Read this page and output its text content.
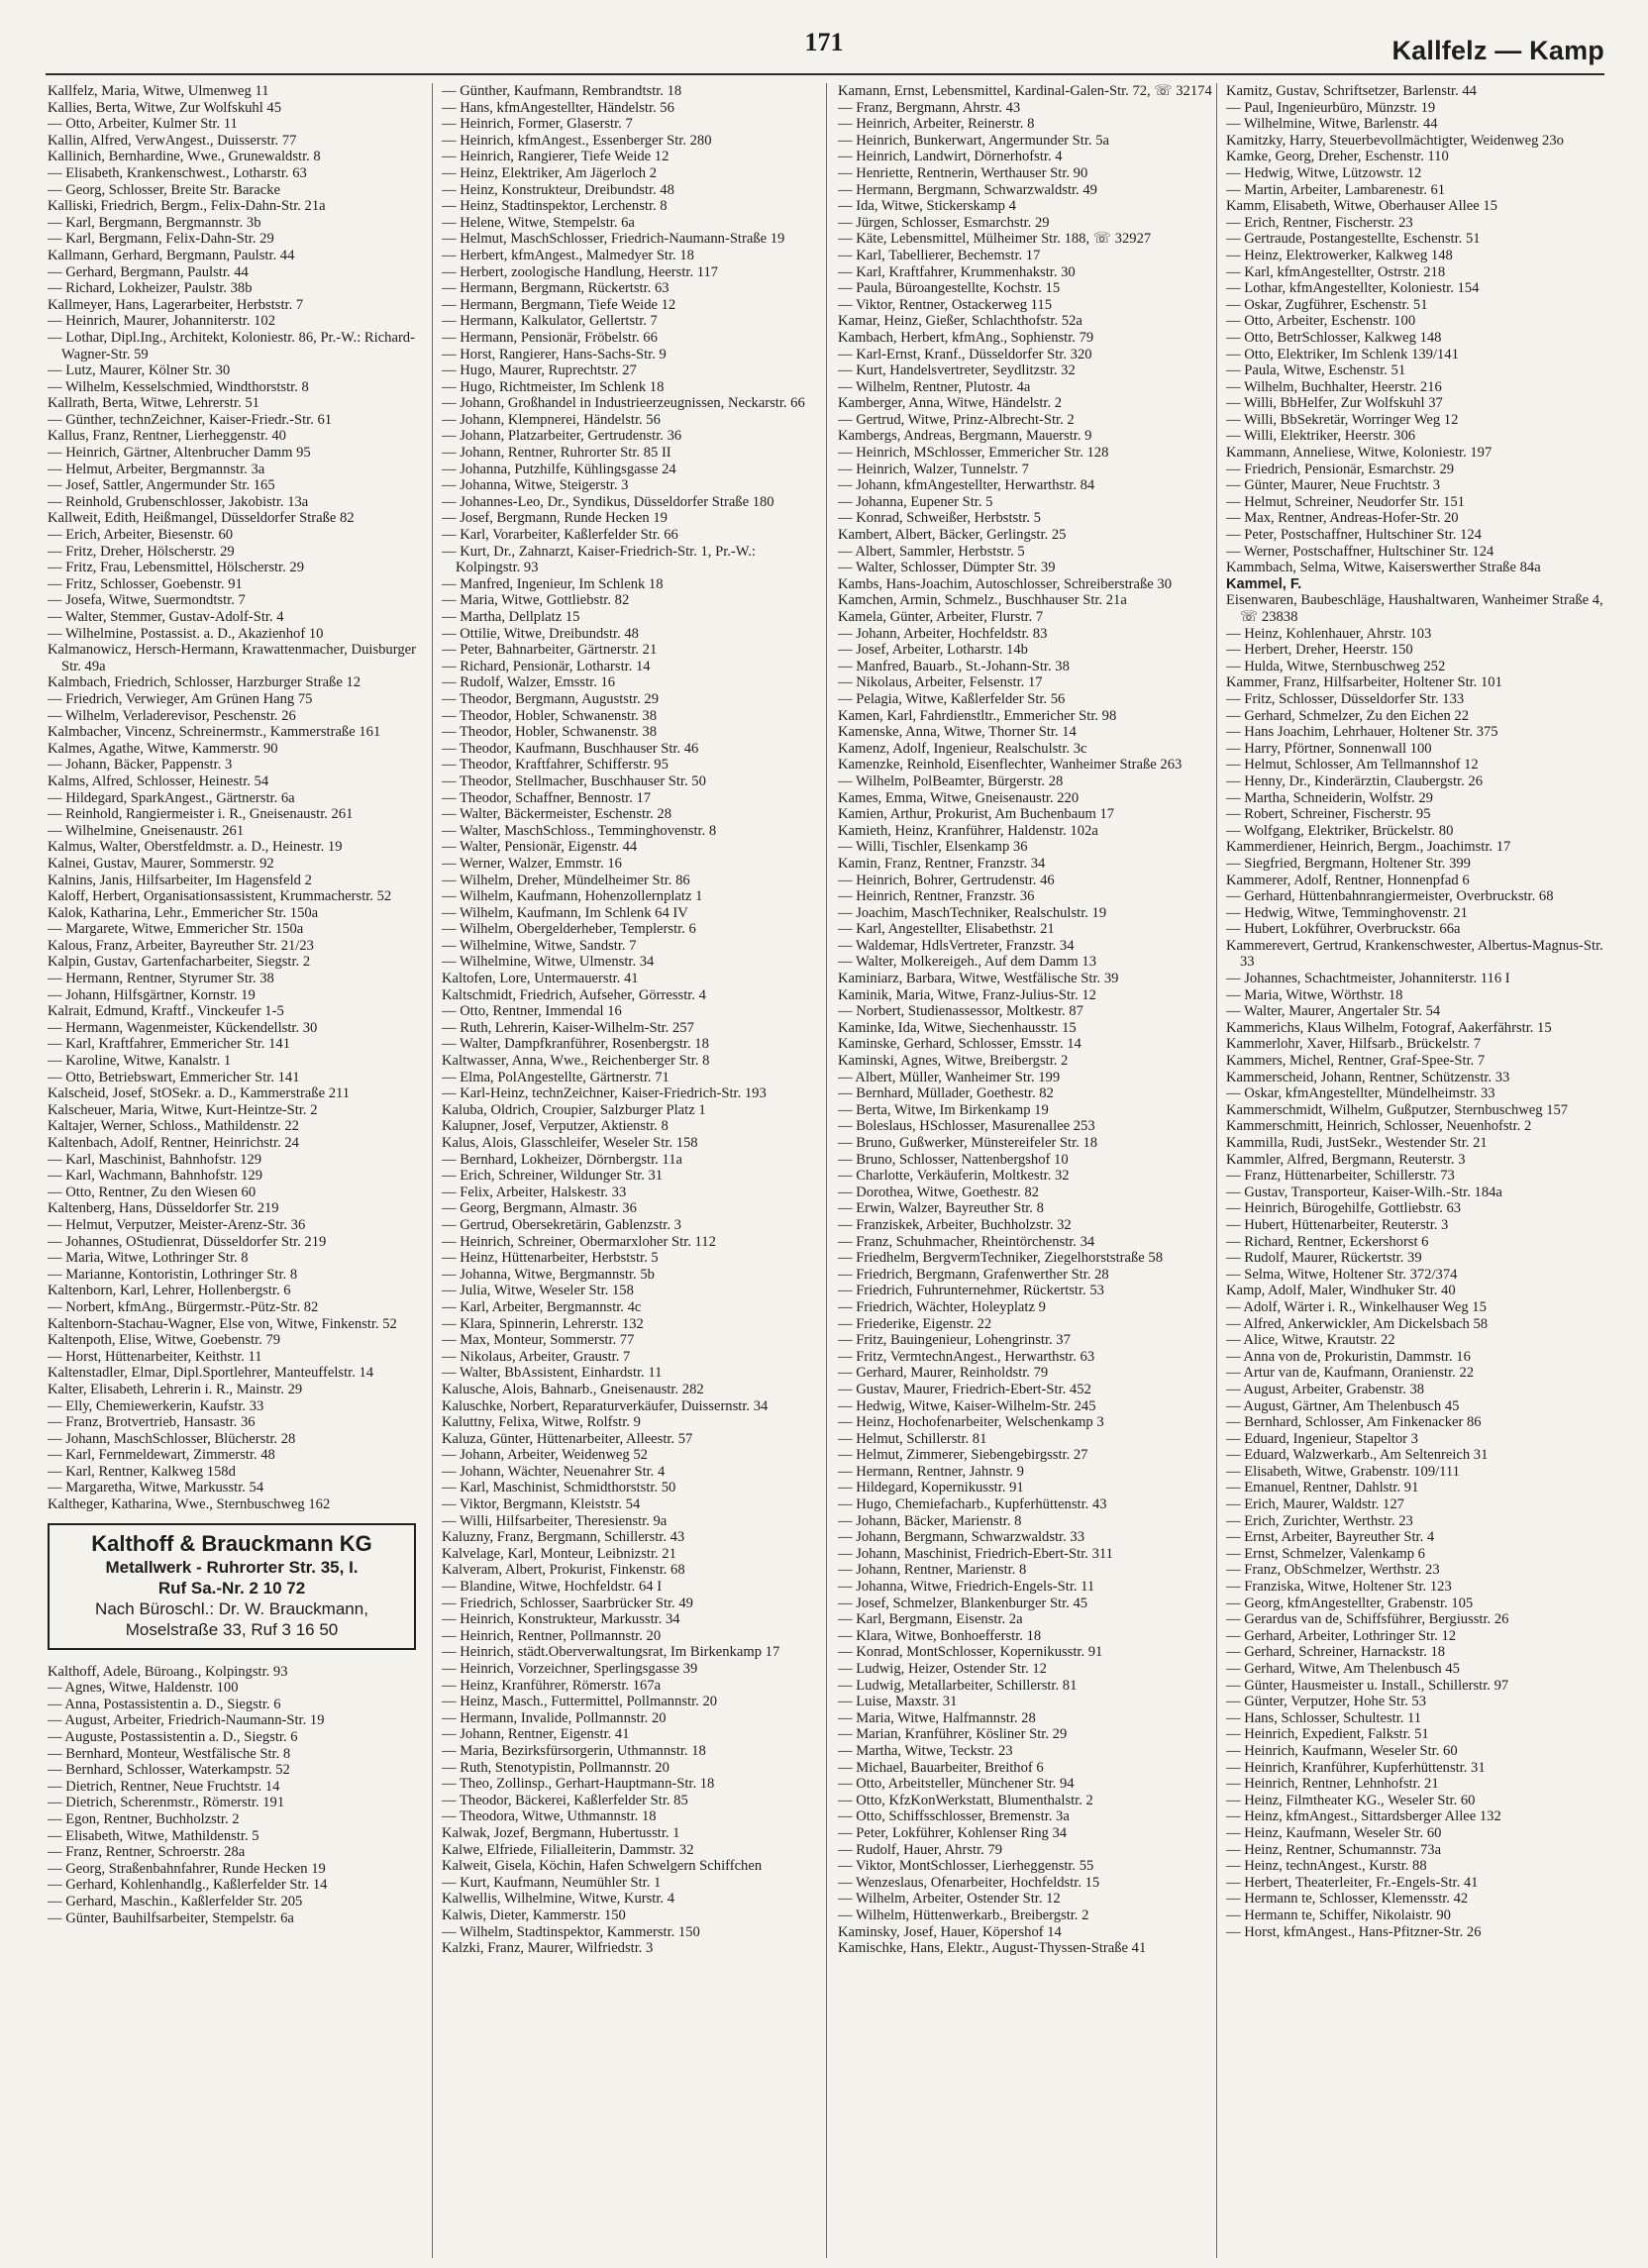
171	Kallfelz — Kamp
Kallfelz, Maria, Witwe, Ulmenweg 11
Kallies, Berta, Witwe, Zur Wolfskuhl 45
— Otto, Arbeiter, Kulmer Str. 11
Kallin, Alfred, VerwAngest., Duisserstr. 77
Kallinich, Bernhardine, Wwe., Grunewaldstr. 8
— Elisabeth, Krankenschwest., Lotharstr. 63
— Georg, Schlosser, Breite Str. Baracke
Kalliski, Friedrich, Bergm., Felix-Dahn-Str. 21a
— Karl, Bergmann, Bergmannstr. 3b
— Karl, Bergmann, Felix-Dahn-Str. 29
Kallmann, Gerhard, Bergmann, Paulstr. 44
— Gerhard, Bergmann, Paulstr. 44
— Richard, Lokheizer, Paulstr. 38b
Kallmeyer, Hans, Lagerarbeiter, Herbststr. 7
— Heinrich, Maurer, Johanniterstr. 102
— Lothar, Dipl.Ing., Architekt, Koloniestr. 86, Pr.-W.: Richard-Wagner-Str. 59
— Lutz, Maurer, Kölner Str. 30
— Wilhelm, Kesselschmied, Windthorststr. 8
Kallrath, Berta, Witwe, Lehrerstr. 51
— Günther, technZeichner, Kaiser-Friedr.-Str. 61
Kallus, Franz, Rentner, Lierheggenstr. 40
— Heinrich, Gärtner, Altenbrucher Damm 95
— Helmut, Arbeiter, Bergmannstr. 3a
— Josef, Sattler, Angermunder Str. 165
— Reinhold, Grubenschlosser, Jakobistr. 13a
Kallweit, Edith, Heißmangel, Düsseldorfer Straße 82
— Erich, Arbeiter, Biesenstr. 60
— Fritz, Dreher, Hölscherstr. 29
— Fritz, Frau, Lebensmittel, Hölscherstr. 29
— Fritz, Schlosser, Goebenstr. 91
— Josefa, Witwe, Suermondtstr. 7
— Walter, Stemmer, Gustav-Adolf-Str. 4
— Wilhelmine, Postassist. a. D., Akazienhof 10
Kalmanowicz, Hersch-Hermann, Krawattenmacher, Duisburger Str. 49a
Kalmbach, Friedrich, Schlosser, Harzburger Straße 12
— Friedrich, Verwieger, Am Grünen Hang 75
— Wilhelm, Verladerevisor, Peschenstr. 26
Kalmbacher, Vincenz, Schreinermstr., Kammerstraße 161
Kalmes, Agathe, Witwe, Kammerstr. 90
— Johann, Bäcker, Pappenstr. 3
Kalms, Alfred, Schlosser, Heinestr. 54
— Hildegard, SparkAngest., Gärtnerstr. 6a
— Reinhold, Rangiermeister i. R., Gneisenaustr. 261
— Wilhelmine, Gneisenaustr. 261
Kalmus, Walter, Oberstfeldmstr. a. D., Heinestr. 19
Kalnei, Gustav, Maurer, Sommerstr. 92
Kalnins, Janis, Hilfsarbeiter, Im Hagensfeld 2
Kaloff, Herbert, Organisationsassistent, Krummacherstr. 52
Kalok, Katharina, Lehr., Emmericher Str. 150a
— Margarete, Witwe, Emmericher Str. 150a
Kalous, Franz, Arbeiter, Bayreuther Str. 21/23
Kalpin, Gustav, Gartenfacharbeiter, Siegstr. 2
— Hermann, Rentner, Styrumer Str. 38
— Johann, Hilfsgärtner, Kornstr. 19
Kalrait, Edmund, Kraftf., Vinckeufer 1-5
— Hermann, Wagenmeister, Kückendellstr. 30
— Karl, Kraftfahrer, Emmericher Str. 141
— Karoline, Witwe, Kanalstr. 1
— Otto, Betriebswart, Emmericher Str. 141
Kalscheid, Josef, StOSekr. a. D., Kammerstraße 211
Kalscheuer, Maria, Witwe, Kurt-Heintze-Str. 2
Kaltajer, Werner, Schloss., Mathildenstr. 22
Kaltenbach, Adolf, Rentner, Heinrichstr. 24
— Karl, Maschinist, Bahnhofstr. 129
— Karl, Wachmann, Bahnhofstr. 129
— Otto, Rentner, Zu den Wiesen 60
Kaltenberg, Hans, Düsseldorfer Str. 219
— Helmut, Verputzer, Meister-Arenz-Str. 36
— Johannes, OStudienrat, Düsseldorfer Str. 219
— Maria, Witwe, Lothringer Str. 8
— Marianne, Kontoristin, Lothringer Str. 8
Kaltenborn, Karl, Lehrer, Hollenbergstr. 6
— Norbert, kfmAng., Bürgermstr.-Pütz-Str. 82
Kaltenborn-Stachau-Wagner, Else von, Witwe, Finkenstr. 52
Kaltenpoth, Elise, Witwe, Goebenstr. 79
— Horst, Hüttenarbeiter, Keithstr. 11
Kaltenstadler, Elmar, Dipl.Sportlehrer, Manteuffelstr. 14
Kalter, Elisabeth, Lehrerin i. R., Mainstr. 29
— Elly, Chemiewerkerin, Kaufstr. 33
— Franz, Brotvertrieb, Hansastr. 36
— Johann, MaschSchlosser, Blücherstr. 28
— Karl, Fernmeldewart, Zimmerstr. 48
— Karl, Rentner, Kalkweg 158d
— Margaretha, Witwe, Markusstr. 54
Kaltheger, Katharina, Wwe., Sternbuschweg 162
Kalthoff & Brauckmann KG
Metallwerk - Ruhrorter Str. 35, I.
Ruf Sa.-Nr. 2 10 72
Nach Büroschl.: Dr. W. Brauckmann, Moselstraße 33, Ruf 3 16 50
Kalthoff, Adele, Büroang., Kolpingstr. 93
— Agnes, Witwe, Haldenstr. 100
— Anna, Postassistentin a. D., Siegstr. 6
— August, Arbeiter, Friedrich-Naumann-Str. 19
— Auguste, Postassistentin a. D., Siegstr. 6
— Bernhard, Monteur, Westfälische Str. 8
— Bernhard, Schlosser, Waterkampstr. 52
— Dietrich, Rentner, Neue Fruchtstr. 14
— Dietrich, Scherenmstr., Römerstr. 191
— Egon, Rentner, Buchholzstr. 2
— Elisabeth, Witwe, Mathildenstr. 5
— Franz, Rentner, Schroerstr. 28a
— Georg, Straßenbahnfahrer, Runde Hecken 19
— Gerhard, Kohlenhandlg., Kaßlerfelder Str. 14
— Gerhard, Maschin., Kaßlerfelder Str. 205
— Günter, Bauhilfsarbeiter, Stempelstr. 6a
— Günther, Kaufmann, Rembrandtstr. 18
— Hans, kfmAngestellter, Händelstr. 56
— Heinrich, Former, Glaserstr. 7
— Heinrich, kfmAngest., Essenberger Str. 280
— Heinrich, Rangierer, Tiefe Weide 12
— Heinz, Elektriker, Am Jägerloch 2
— Heinz, Konstrukteur, Dreibundstr. 48
— Heinz, Stadtinspektor, Lerchenstr. 8
— Helene, Witwe, Stempelstr. 6a
— Helmut, MaschSchlosser, Friedrich-Naumann-Straße 19
— Herbert, kfmAngest., Malmedyer Str. 18
— Herbert, zoologische Handlung, Heerstr. 117
— Hermann, Bergmann, Rückertstr. 63
— Hermann, Bergmann, Tiefe Weide 12
— Hermann, Kalkulator, Gellertstr. 7
— Hermann, Pensionär, Fröbelstr. 66
— Horst, Rangierer, Hans-Sachs-Str. 9
— Hugo, Maurer, Ruprechtstr. 27
— Hugo, Richtmeister, Im Schlenk 18
— Johann, Großhandel in Industrieerzeugnissen, Neckarstr. 66
— Johann, Klempnerei, Händelstr. 56
— Johann, Platzarbeiter, Gertrudenstr. 36
— Johann, Rentner, Ruhrorter Str. 85 II
— Johanna, Putzhilfe, Kühlingsgasse 24
— Johanna, Witwe, Steigerstr. 3
— Johannes-Leo, Dr., Syndikus, Düsseldorfer Straße 180
— Josef, Bergmann, Runde Hecken 19
— Karl, Vorarbeiter, Kaßlerfelder Str. 66
— Kurt, Dr., Zahnarzt, Kaiser-Friedrich-Str. 1, Pr.-W.: Kolpingstr. 93
— Manfred, Ingenieur, Im Schlenk 18
— Maria, Witwe, Gottliebstr. 82
— Martha, Dellplatz 15
— Ottilie, Witwe, Dreibundstr. 48
— Peter, Bahnarbeiter, Gärtnerstr. 21
— Richard, Pensionär, Lotharstr. 14
— Rudolf, Walzer, Emsstr. 16
— Theodor, Bergmann, Auguststr. 29
— Theodor, Hobler, Schwanenstr. 38
— Theodor, Hobler, Schwanenstr. 38
— Theodor, Kaufmann, Buschhauser Str. 46
— Theodor, Kraftfahrer, Schifferstr. 95
— Theodor, Stellmacher, Buschhauser Str. 50
— Theodor, Schaffner, Bennostr. 17
— Walter, Bäckermeister, Eschenstr. 28
— Walter, MaschSchloss., Temminghovenstr. 8
— Walter, Pensionär, Eigenstr. 44
— Werner, Walzer, Emmstr. 16
— Wilhelm, Dreher, Mündelheimer Str. 86
— Wilhelm, Kaufmann, Hohenzollernplatz 1
— Wilhelm, Kaufmann, Im Schlenk 64 IV
— Wilhelm, Obergelderheber, Templerstr. 6
— Wilhelmine, Witwe, Sandstr. 7
— Wilhelmine, Witwe, Ulmenstr. 34
Kaltofen, Lore, Untermauerstr. 41
Kaltschmidt, Friedrich, Aufseher, Görresstr. 4
— Otto, Rentner, Immendal 16
— Ruth, Lehrerin, Kaiser-Wilhelm-Str. 257
— Walter, Dampfkranführer, Rosenbergstr. 18
Kaltwasser, Anna, Wwe., Reichenberger Str. 8
— Elma, PolAngestellte, Gärtnerstr. 71
— Karl-Heinz, technZeichner, Kaiser-Friedrich-Str. 193
Kaluba, Oldrich, Croupier, Salzburger Platz 1
Kalupner, Josef, Verputzer, Aktienstr. 8
Kalus, Alois, Glasschleifer, Weseler Str. 158
— Bernhard, Lokheizer, Dörnbergstr. 11a
— Erich, Schreiner, Wildunger Str. 31
— Felix, Arbeiter, Halskestr. 33
— Georg, Bergmann, Almastr. 36
— Gertrud, Obersekretärin, Gablenzstr. 3
— Heinrich, Schreiner, Obermarxloher Str. 112
— Heinz, Hüttenarbeiter, Herbststr. 5
— Johanna, Witwe, Bergmannstr. 5b
— Julia, Witwe, Weseler Str. 158
— Karl, Arbeiter, Bergmannstr. 4c
— Klara, Spinnerin, Lehrerstr. 132
— Max, Monteur, Sommerstr. 77
— Nikolaus, Arbeiter, Graustr. 7
— Walter, BbAssistent, Einhardstr. 11
Kalusche, Alois, Bahnarb., Gneisenaustr. 282
Kaluschke, Norbert, Reparaturverkäufer, Duissernstr. 34
Kaluttny, Felixa, Witwe, Rolfstr. 9
Kaluza, Günter, Hüttenarbeiter, Alleestr. 57
— Johann, Arbeiter, Weidenweg 52
— Johann, Wächter, Neuenahrer Str. 4
— Karl, Maschinist, Schmidthorststr. 50
— Viktor, Bergmann, Kleiststr. 54
— Willi, Hilfsarbeiter, Theresienstr. 9a
Kaluzny, Franz, Bergmann, Schillerstr. 43
Kalvelage, Karl, Monteur, Leibnizstr. 21
Kalveram, Albert, Prokurist, Finkenstr. 68
— Blandine, Witwe, Hochfeldstr. 64 I
— Friedrich, Schlosser, Saarbrücker Str. 49
— Heinrich, Konstrukteur, Markusstr. 34
— Heinrich, Rentner, Pollmannstr. 20
— Heinrich, städt.Oberverwaltungsrat, Im Birkenkamp 17
— Heinrich, Vorzeichner, Sperlingsgasse 39
— Heinz, Kranführer, Römerstr. 167a
— Heinz, Masch., Futtermittel, Pollmannstr. 20
— Hermann, Invalide, Pollmannstr. 20
— Johann, Rentner, Eigenstr. 41
— Maria, Bezirksfürsorgerin, Uthmannstr. 18
— Ruth, Stenotypistin, Pollmannstr. 20
— Theo, Zollinsp., Gerhart-Hauptmann-Str. 18
— Theodor, Bäckerei, Kaßlerfelder Str. 85
— Theodora, Witwe, Uthmannstr. 18
Kalwak, Jozef, Bergmann, Hubertusstr. 1
Kalwe, Elfriede, Filialleiterin, Dammstr. 32
Kalweit, Gisela, Köchin, Hafen Schwelgern Schiffchen
— Kurt, Kaufmann, Neumühler Str. 1
Kalwellis, Wilhelmine, Witwe, Kurstr. 4
Kalwis, Dieter, Kammerstr. 150
— Wilhelm, Stadtinspektor, Kammerstr. 150
Kalzki, Franz, Maurer, Wilfriedstr. 3
Kamann, Ernst, Lebensmittel, Kardinal-Galen-Str. 72, ☏ 32174
— Franz, Bergmann, Ahrstr. 43
— Heinrich, Arbeiter, Reinerstr. 8
— Heinrich, Bunkerwart, Angermunder Str. 5a
— Heinrich, Landwirt, Dörnerhofstr. 4
— Henriette, Rentnerin, Werthauser Str. 90
— Hermann, Bergmann, Schwarzwaldstr. 49
— Ida, Witwe, Stickerskamp 4
— Jürgen, Schlosser, Esmarchstr. 29
— Käte, Lebensmittel, Mülheimer Str. 188, ☏ 32927
— Karl, Tabellierer, Bechemstr. 17
— Karl, Kraftfahrer, Krummenhakstr. 30
— Paula, Büroangestellte, Kochstr. 15
— Viktor, Rentner, Ostackerweg 115
Kamar, Heinz, Gießer, Schlachthofstr. 52a
Kambach, Herbert, kfmAng., Sophienstr. 79
— Karl-Ernst, Kranf., Düsseldorfer Str. 320
— Kurt, Handelsvertreter, Seydlitzstr. 32
— Wilhelm, Rentner, Plutostr. 4a
Kamberger, Anna, Witwe, Händelstr. 2
— Gertrud, Witwe, Prinz-Albrecht-Str. 2
Kambergs, Andreas, Bergmann, Mauerstr. 9
— Heinrich, MSchlosser, Emmericher Str. 128
— Heinrich, Walzer, Tunnelstr. 7
— Johann, kfmAngestellter, Herwarthstr. 84
— Johanna, Eupener Str. 5
— Konrad, Schweißer, Herbststr. 5
Kambert, Albert, Bäcker, Gerlingstr. 25
— Albert, Sammler, Herbststr. 5
— Walter, Schlosser, Dümpter Str. 39
Kambs, Hans-Joachim, Autoschlosser, Schreiberstraße 30
Kamchen, Armin, Schmelz., Buschhauser Str. 21a
Kamela, Günter, Arbeiter, Flurstr. 7
— Johann, Arbeiter, Hochfeldstr. 83
— Josef, Arbeiter, Lotharstr. 14b
— Manfred, Bauarb., St.-Johann-Str. 38
— Nikolaus, Arbeiter, Felsenstr. 17
— Pelagia, Witwe, Kaßlerfelder Str. 56
Kamen, Karl, Fahrdienstltr., Emmericher Str. 98
Kamenske, Anna, Witwe, Thorner Str. 14
Kamenz, Adolf, Ingenieur, Realschulstr. 3c
Kamenzke, Reinhold, Eisenflechter, Wanheimer Straße 263
— Wilhelm, PolBeamter, Bürgerstr. 28
Kames, Emma, Witwe, Gneisenaustr. 220
Kamien, Arthur, Prokurist, Am Buchenbaum 17
Kamieth, Heinz, Kranführer, Haldenstr. 102a
— Willi, Tischler, Elsenkamp 36
Kamin, Franz, Rentner, Franzstr. 34
— Heinrich, Bohrer, Gertrudenstr. 46
— Heinrich, Rentner, Franzstr. 36
— Joachim, MaschTechniker, Realschulstr. 19
— Karl, Angestellter, Elisabethstr. 21
— Waldemar, HdlsVertreter, Franzstr. 34
— Walter, Molkereigeh., Auf dem Damm 13
Kaminiarz, Barbara, Witwe, Westfälische Str. 39
Kaminik, Maria, Witwe, Franz-Julius-Str. 12
— Norbert, Studienassessor, Moltkestr. 87
Kaminke, Ida, Witwe, Siechenhausstr. 15
Kaminske, Gerhard, Schlosser, Emsstr. 14
Kaminski, Agnes, Witwe, Breibergstr. 2
— Albert, Müller, Wanheimer Str. 199
— Bernhard, Müllader, Goethestr. 82
— Berta, Witwe, Im Birkenkamp 19
— Boleslaus, HSchlosser, Masurenallee 253
— Bruno, Gußwerker, Münstereifeler Str. 18
— Bruno, Schlosser, Nattenbergshof 10
— Charlotte, Verkäuferin, Moltkestr. 32
— Dorothea, Witwe, Goethestr. 82
— Erwin, Walzer, Bayreuther Str. 8
— Franziskek, Arbeiter, Buchholzstr. 32
— Franz, Schuhmacher, Rheintörchenstr. 34
— Friedhelm, BergvermTechniker, Ziegelhorststraße 58
— Friedrich, Bergmann, Grafenwerther Str. 28
— Friedrich, Fuhrunternehmer, Rückertstr. 53
— Friedrich, Wächter, Holeyplatz 9
— Friederike, Eigenstr. 22
— Fritz, Bauingenieur, Lohengrinstr. 37
— Fritz, VermtechnAngest., Herwarthstr. 63
— Gerhard, Maurer, Reinholdstr. 79
— Gustav, Maurer, Friedrich-Ebert-Str. 452
— Hedwig, Witwe, Kaiser-Wilhelm-Str. 245
— Heinz, Hochofenarbeiter, Welschenkamp 3
— Helmut, Schillerstr. 81
— Helmut, Zimmerer, Siebengebirgsstr. 27
— Hermann, Rentner, Jahnstr. 9
— Hildegard, Kopernikusstr. 91
— Hugo, Chemiefacharb., Kupferhüttenstr. 43
— Johann, Bäcker, Marienstr. 8
— Johann, Bergmann, Schwarzwaldstr. 33
— Johann, Maschinist, Friedrich-Ebert-Str. 311
— Johann, Rentner, Marienstr. 8
— Johanna, Witwe, Friedrich-Engels-Str. 11
— Josef, Schmelzer, Blankenburger Str. 45
— Karl, Bergmann, Eisenstr. 2a
— Klara, Witwe, Bonhoefferstr. 18
— Konrad, MontSchlosser, Kopernikusstr. 91
— Ludwig, Heizer, Ostender Str. 12
— Ludwig, Metallarbeiter, Schillerstr. 81
— Luise, Maxstr. 31
— Maria, Witwe, Halfmannstr. 28
— Marian, Kranführer, Kösliner Str. 29
— Martha, Witwe, Teckstr. 23
— Michael, Bauarbeiter, Breithof 6
— Otto, Arbeitsteller, Münchener Str. 94
— Otto, KfzKonWerkstatt, Blumenthalstr. 2
— Otto, Schiffsschlosser, Bremenstr. 3a
— Peter, Lokführer, Kohlenser Ring 34
— Rudolf, Hauer, Ahrstr. 79
— Viktor, MontSchlosser, Lierheggenstr. 55
— Wenzeslaus, Ofenarbeiter, Hochfeldstr. 15
— Wilhelm, Arbeiter, Ostender Str. 12
— Wilhelm, Hüttenwerkarb., Breibergstr. 2
Kaminsky, Josef, Hauer, Köpershof 14
Kamischke, Hans, Elektr., August-Thyssen-Straße 41
Kamitz, Gustav, Schriftsetzer, Barlenstr. 44
— Paul, Ingenieurbüro, Münzstr. 19
— Wilhelmine, Witwe, Barlenstr. 44
Kamitzky, Harry, Steuerbevollmächtigter, Weidenweg 23o
Kamke, Georg, Dreher, Eschenstr. 110
— Hedwig, Witwe, Lützowstr. 12
— Martin, Arbeiter, Lambarenestr. 61
Kamm, Elisabeth, Witwe, Oberhauser Allee 15
— Erich, Rentner, Fischerstr. 23
— Gertraude, Postangestellte, Eschenstr. 51
— Heinz, Elektrowerker, Kalkweg 148
— Karl, kfmAngestellter, Ostrstr. 218
— Lothar, kfmAngestellter, Koloniestr. 154
— Oskar, Zugführer, Eschenstr. 51
— Otto, Arbeiter, Eschenstr. 100
— Otto, BetrSchlosser, Kalkweg 148
— Otto, Elektriker, Im Schlenk 139/141
— Paula, Witwe, Eschenstr. 51
— Wilhelm, Buchhalter, Heerstr. 216
— Willi, BbHelfer, Zur Wolfskuhl 37
— Willi, BbSekretär, Worringer Weg 12
— Willi, Elektriker, Heerstr. 306
Kammann, Anneliese, Witwe, Koloniestr. 197
— Friedrich, Pensionär, Esmarchstr. 29
— Günter, Maurer, Neue Fruchtstr. 3
— Helmut, Schreiner, Neudorfer Str. 151
— Max, Rentner, Andreas-Hofer-Str. 20
— Peter, Postschaffner, Hultschiner Str. 124
— Werner, Postschaffner, Hultschiner Str. 124
Kammbach, Selma, Witwe, Kaiserswerther Straße 84a
Kammel, F.
Eisenwaren, Baubeschläge, Haushaltwaren, Wanheimer Straße 4, ☏ 23838
— Heinz, Kohlenhauer, Ahrstr. 103
— Herbert, Dreher, Heerstr. 150
— Hulda, Witwe, Sternbuschweg 252
Kammer, Franz, Hilfsarbeiter, Holtener Str. 101
— Fritz, Schlosser, Düsseldorfer Str. 133
— Gerhard, Schmelzer, Zu den Eichen 22
— Hans Joachim, Lehrhauer, Holtener Str. 375
— Harry, Pförtner, Sonnenwall 100
— Helmut, Schlosser, Am Tellmannshof 12
— Henny, Dr., Kinderärztin, Claubergstr. 26
— Martha, Schneiderin, Wolfstr. 29
— Robert, Schreiner, Fischerstr. 95
— Wolfgang, Elektriker, Brückelstr. 80
Kammerdiener, Heinrich, Bergm., Joachimstr. 17
— Siegfried, Bergmann, Holtener Str. 399
Kammerer, Adolf, Rentner, Honnenpfad 6
— Gerhard, Hüttenbahnrangiermeister, Overbruckstr. 68
— Hedwig, Witwe, Temminghovenstr. 21
— Hubert, Lokführer, Overbruckstr. 66a
Kammerevert, Gertrud, Krankenschwester, Albertus-Magnus-Str. 33
— Johannes, Schachtmeister, Johanniterstr. 116 I
— Maria, Witwe, Wörthstr. 18
— Walter, Maurer, Angertaler Str. 54
Kammerichs, Klaus Wilhelm, Fotograf, Aakerfährstr. 15
Kammerlohr, Xaver, Hilfsarb., Brückelstr. 7
Kammers, Michel, Rentner, Graf-Spee-Str. 7
Kammerscheid, Johann, Rentner, Schützenstr. 33
— Oskar, kfmAngestellter, Mündelheimstr. 33
Kammerschmidt, Wilhelm, Gußputzer, Sternbuschweg 157
Kammerschmitt, Heinrich, Schlosser, Neuenhofstr. 2
Kammilla, Rudi, JustSekr., Westender Str. 21
Kammler, Alfred, Bergmann, Reuterstr. 3
— Franz, Hüttenarbeiter, Schillerstr. 73
— Gustav, Transporteur, Kaiser-Wilh.-Str. 184a
— Heinrich, Bürogehilfe, Gottliebstr. 63
— Hubert, Hüttenarbeiter, Reuterstr. 3
— Richard, Rentner, Eckershorst 6
— Rudolf, Maurer, Rückertstr. 39
— Selma, Witwe, Holtener Str. 372/374
Kamp, Adolf, Maler, Windhuker Str. 40
— Adolf, Wärter i. R., Winkelhauser Weg 15
— Alfred, Ankerwickler, Am Dickelsbach 58
— Alice, Witwe, Krautstr. 22
— Anna von de, Prokuristin, Dammstr. 16
— Artur van de, Kaufmann, Oranienstr. 22
— August, Arbeiter, Grabenstr. 38
— August, Gärtner, Am Thelenbusch 45
— Bernhard, Schlosser, Am Finkenacker 86
— Eduard, Ingenieur, Stapeltor 3
— Eduard, Walzwerkarb., Am Seltenreich 31
— Elisabeth, Witwe, Grabenstr. 109/111
— Emanuel, Rentner, Dahlstr. 91
— Erich, Maurer, Waldstr. 127
— Erich, Zurichter, Werthstr. 23
— Ernst, Arbeiter, Bayreuther Str. 4
— Ernst, Schmelzer, Valenkamp 6
— Franz, ObSchmelzer, Werthstr. 23
— Franziska, Witwe, Holtener Str. 123
— Georg, kfmAngestellter, Grabenstr. 105
— Gerardus van de, Schiffsführer, Bergiusstr. 26
— Gerhard, Arbeiter, Lothringer Str. 12
— Gerhard, Schreiner, Harnackstr. 18
— Gerhard, Witwe, Am Thelenbusch 45
— Günter, Hausmeister u. Install., Schillerstr. 97
— Günter, Verputzer, Hohe Str. 53
— Hans, Schlosser, Schultestr. 11
— Heinrich, Expedient, Falkstr. 51
— Heinrich, Kaufmann, Weseler Str. 60
— Heinrich, Kranführer, Kupferhüttenstr. 31
— Heinrich, Rentner, Lehnhofstr. 21
— Heinz, Filmtheater KG., Weseler Str. 60
— Heinz, kfmAngest., Sittardsberger Allee 132
— Heinz, Kaufmann, Weseler Str. 60
— Heinz, Rentner, Schumannstr. 73a
— Heinz, technAngest., Kurstr. 88
— Herbert, Theaterleiter, Fr.-Engels-Str. 41
— Hermann te, Schlosser, Klemensstr. 42
— Hermann te, Schiffer, Nikolaistr. 90
— Horst, kfmAngest., Hans-Pfitzner-Str. 26
